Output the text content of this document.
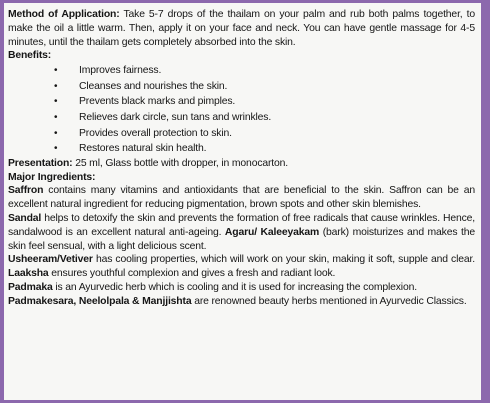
Method of Application: Take 5-7 drops of the thailam on your palm and rub both palms together, to make the oil a little warm. Then, apply it on your face and neck. You can have gentle massage for 4-5 minutes, until the thailam gets completely absorbed into the skin.

Benefits:

• Improves fairness.
• Cleanses and nourishes the skin.
• Prevents black marks and pimples.
• Relieves dark circle, sun tans and wrinkles.
• Provides overall protection to skin.
• Restores natural skin health.

Presentation: 25 ml, Glass bottle with dropper, in monocarton.

Major Ingredients:

Saffron contains many vitamins and antioxidants that are beneficial to the skin. Saffron can be an excellent natural ingredient for reducing pigmentation, brown spots and other skin blemishes.

Sandal helps to detoxify the skin and prevents the formation of free radicals that cause wrinkles. Hence, sandalwood is an excellent natural anti-ageing. Agaru/ Kaleeyakam (bark) moisturizes and makes the skin feel sensual, with a light delicious scent.

Usheeram/Vetiver has cooling properties, which will work on your skin, making it soft, supple and clear. Laaksha ensures youthful complexion and gives a fresh and radiant look.

Padmaka is an Ayurvedic herb which is cooling and it is used for increasing the complexion.

Padmakesara, Neelolpala & Manjjishta are renowned beauty herbs mentioned in Ayurvedic Classics.
